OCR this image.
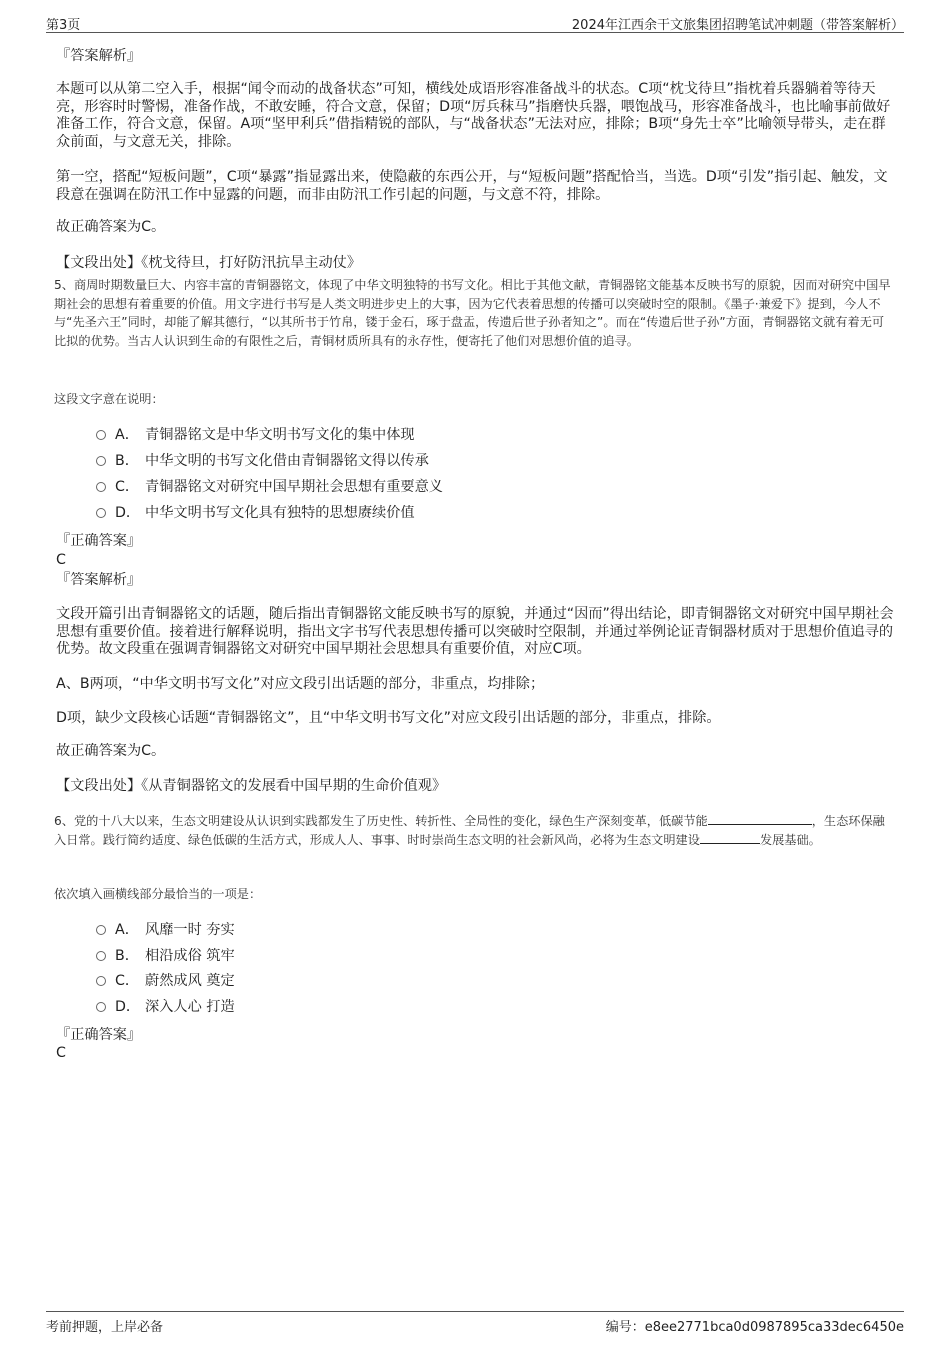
第3页	2024年江西余干文旅集团招聘笔试冲刺题（带答案解析）

『答案解析』

本题可以从第二空入手，根据“闻令而动的战备状态”可知，横线处成语形容准备战斗的状态。C项“枕戈待旦”指枕着兵器躺着等待天亮，形容时时警惕，准备作战，不敢安睡，符合文意，保留；D项“厉兵秣马”指磨快兵器，喂饱战马，形容准备战斗，也比喻事前做好准备工作，符合文意，保留。A项“坚甲利兵”借指精锐的部队，与“战备状态”无法对应，排除；B项“身先士卒”比喻领导带头，走在群众前面，与文意无关，排除。

第一空，搭配“短板问题”，C项“暴露”指显露出来，使隐蔽的东西公开，与“短板问题”搭配恰当，当选。D项“引发”指引起、触发，文段意在强调在防汛工作中显露的问题，而非由防汛工作引起的问题，与文意不符，排除。

故正确答案为C。

【文段出处】《枕戈待旦，打好防汛抗旱主动仗》

5、商周时期数量巨大、内容丰富的青铜器铭文，体现了中华文明独特的书写文化。相比于其他文献，青铜器铭文能基本反映书写的原貌，因而对研究中国早期社会的思想有着重要的价值。用文字进行书写是人类文明进步史上的大事，因为它代表着思想的传播可以突破时空的限制。《墨子·兼爱下》提到，今人不与“先圣六王”同时，却能了解其德行，“以其所书于竹帛，镂于金石，琢于盘盂，传遗后世子孙者知之”。而在“传遗后世子孙”方面，青铜器铭文就有着无可比拟的优势。当古人认识到生命的有限性之后，青铜材质所具有的永存性，便寄托了他们对思想价值的追寻。

这段文字意在说明：

A． 青铜器铭文是中华文明书写文化的集中体现
B． 中华文明的书写文化借由青铜器铭文得以传承
C． 青铜器铭文对研究中国早期社会思想有重要意义
D． 中华文明书写文化具有独特的思想赓续价值

『正确答案』

C

『答案解析』

文段开篇引出青铜器铭文的话题，随后指出青铜器铭文能反映书写的原貌，并通过“因而”得出结论，即青铜器铭文对研究中国早期社会思想有重要价值。接着进行解释说明，指出文字书写代表思想传播可以突破时空限制，并通过举例论证青铜器材质对于思想价值追寻的优势。故文段重在强调青铜器铭文对研究中国早期社会思想具有重要价值，对应C项。

A、B两项，“中华文明书写文化”对应文段引出话题的部分，非重点，均排除；

D项，缺少文段核心话题“青铜器铭文”，且“中华文明书写文化”对应文段引出话题的部分，非重点，排除。

故正确答案为C。

【文段出处】《从青铜器铭文的发展看中国早期的生命价值观》

6、党的十八大以来，生态文明建设从认识到实践都发生了历史性、转折性、全局性的变化，绿色生产深刻变革，低碳节能	，生态环保融入日常。践行简约适度、绿色低碳的生活方式，形成人人、事事、时时崇尚生态文明的社会新风尚，必将为生态文明建设	发展基础。

依次填入画横线部分最恰当的一项是：

A． 风靡一时 夯实
B． 相沿成俗 筑牢
C． 蔚然成风 奠定
D． 深入人心 打造

『正确答案』

C

考前押题，上岸必备	编号：e8ee2771bca0d0987895ca33dec6450e
